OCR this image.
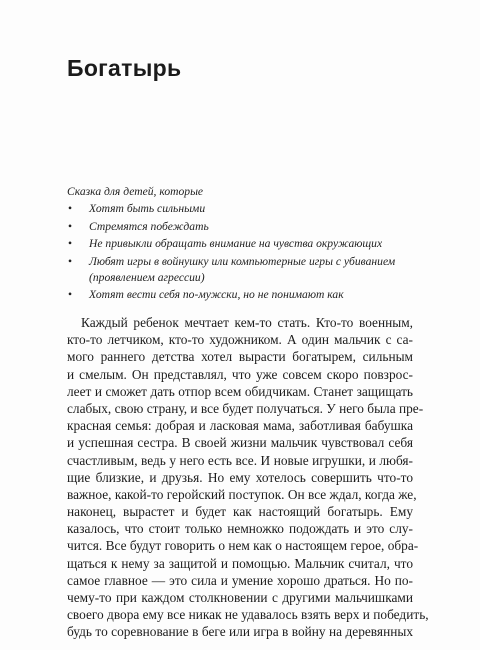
Богатырь
Сказка для детей, которые
• Хотят быть сильными
• Стремятся побеждать
• Не привыкли обращать внимание на чувства окружающих
• Любят игры в войнушку или компьютерные игры с убиванием (проявлением агрессии)
• Хотят вести себя по-мужски, но не понимают как
Каждый ребенок мечтает кем-то стать. Кто-то военным,
кто-то летчиком, кто-то художником. А один мальчик с са-
мого раннего детства хотел вырасти богатырем, сильным
и смелым. Он представлял, что уже совсем скоро повзрос-
леет и сможет дать отпор всем обидчикам. Станет защищать
слабых, свою страну, и все будет получаться. У него была пре-
красная семья: добрая и ласковая мама, заботливая бабушка
и успешная сестра. В своей жизни мальчик чувствовал себя
счастливым, ведь у него есть все. И новые игрушки, и любя-
щие близкие, и друзья. Но ему хотелось совершить что-то
важное, какой-то геройский поступок. Он все ждал, когда же,
наконец, вырастет и будет как настоящий богатырь. Ему
казалось, что стоит только немножко подождать и это слу-
чится. Все будут говорить о нем как о настоящем герое, обра-
щаться к нему за защитой и помощью. Мальчик считал, что
самое главное — это сила и умение хорошо драться. Но по-
чему-то при каждом столкновении с другими мальчишками
своего двора ему все никак не удавалось взять верх и победить,
будь то соревнование в беге или игра в войну на деревянных
